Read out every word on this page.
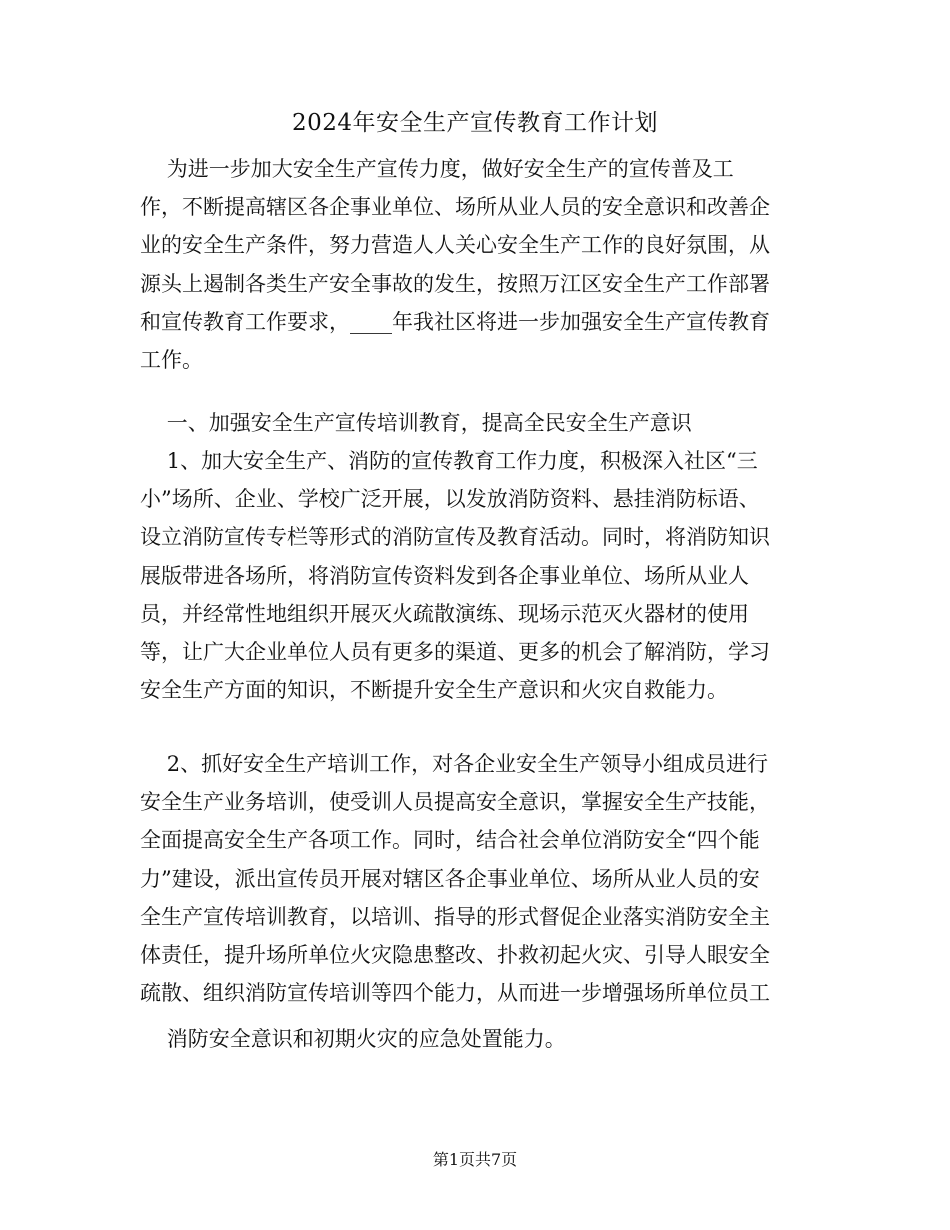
2024年安全生产宣传教育工作计划
为进一步加大安全生产宣传力度，做好安全生产的宣传普及工
作，不断提高辖区各企事业单位、场所从业人员的安全意识和改善企
业的安全生产条件，努力营造人人关心安全生产工作的良好氛围，从
源头上遏制各类生产安全事故的发生，按照万江区安全生产工作部署
和宣传教育工作要求，____年我社区将进一步加强安全生产宣传教育
工作。
一、加强安全生产宣传培训教育，提高全民安全生产意识
1、加大安全生产、消防的宣传教育工作力度，积极深入社区“三
小”场所、企业、学校广泛开展，以发放消防资料、悬挂消防标语、
设立消防宣传专栏等形式的消防宣传及教育活动。同时，将消防知识
展版带进各场所，将消防宣传资料发到各企事业单位、场所从业人
员，并经常性地组织开展灭火疏散演练、现场示范灭火器材的使用
等，让广大企业单位人员有更多的渠道、更多的机会了解消防，学习
安全生产方面的知识，不断提升安全生产意识和火灾自救能力。
2、抓好安全生产培训工作，对各企业安全生产领导小组成员进行
安全生产业务培训，使受训人员提高安全意识，掌握安全生产技能，
全面提高安全生产各项工作。同时，结合社会单位消防安全“四个能
力”建设，派出宣传员开展对辖区各企事业单位、场所从业人员的安
全生产宣传培训教育，以培训、指导的形式督促企业落实消防安全主
体责任，提升场所单位火灾隐患整改、扑救初起火灾、引导人眼安全
疏散、组织消防宣传培训等四个能力，从而进一步增强场所单位员工
消防安全意识和初期火灾的应急处置能力。
第1页共7页
